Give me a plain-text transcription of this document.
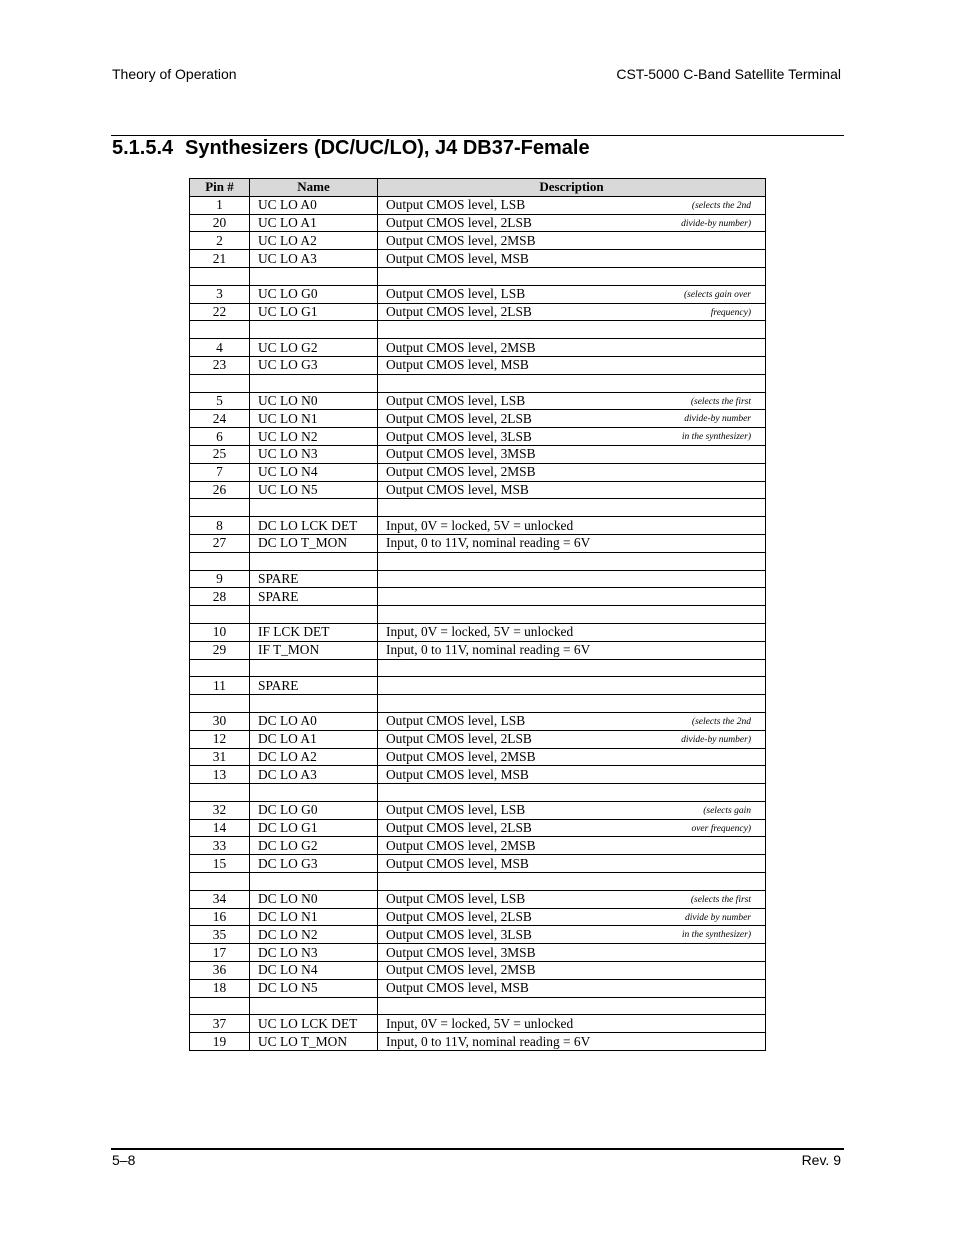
Theory of Operation	CST-5000 C-Band Satellite Terminal
5.1.5.4 Synthesizers (DC/UC/LO), J4 DB37-Female
Pin #	Name	Description
1	UC LO A0	Output CMOS level, LSB (selects the 2nd

20	UC LO A1	Output CMOS level, 2LSB divide-by number)

2	UC LO A2	Output CMOS level, 2MSB
21	UC LO A3	Output CMOS level, MSB

3	UC LO G0	Output CMOS level, LSB (selects gain over

22	UC LO G1	Output CMOS level, 2LSB frequency)

4	UC LO G2	Output CMOS level, 2MSB
23	UC LO G3	Output CMOS level, MSB

5	UC LO N0	Output CMOS level, LSB (selects the first

24	UC LO N1	Output CMOS level, 2LSB divide-by number

6	UC LO N2	Output CMOS level, 3LSB in the synthesizer)

25	UC LO N3	Output CMOS level, 3MSB
7	UC LO N4	Output CMOS level, 2MSB
26	UC LO N5	Output CMOS level, MSB

8	DC LO LCK DET	Input, 0V = locked, 5V = unlocked
27	DC LO T_MON	Input, 0 to 11V, nominal reading = 6V

9	SPARE	
28	SPARE	

10	IF LCK DET	Input, 0V = locked, 5V = unlocked
29	IF T_MON	Input, 0 to 11V, nominal reading = 6V

11	SPARE	

30	DC LO A0	Output CMOS level, LSB (selects the 2nd

12	DC LO A1	Output CMOS level, 2LSB divide-by number)

31	DC LO A2	Output CMOS level, 2MSB
13	DC LO A3	Output CMOS level, MSB

32	DC LO G0	Output CMOS level, LSB (selects gain

14	DC LO G1	Output CMOS level, 2LSB over frequency)

33	DC LO G2	Output CMOS level, 2MSB
15	DC LO G3	Output CMOS level, MSB

34	DC LO N0	Output CMOS level, LSB (selects the first

16	DC LO N1	Output CMOS level, 2LSB divide by number

35	DC LO N2	Output CMOS level, 3LSB in the synthesizer)

17	DC LO N3	Output CMOS level, 3MSB
36	DC LO N4	Output CMOS level, 2MSB
18	DC LO N5	Output CMOS level, MSB

37	UC LO LCK DET	Input, 0V = locked, 5V = unlocked
19	UC LO T_MON	Input, 0 to 11V, nominal reading = 6V
5–8	Rev. 9
